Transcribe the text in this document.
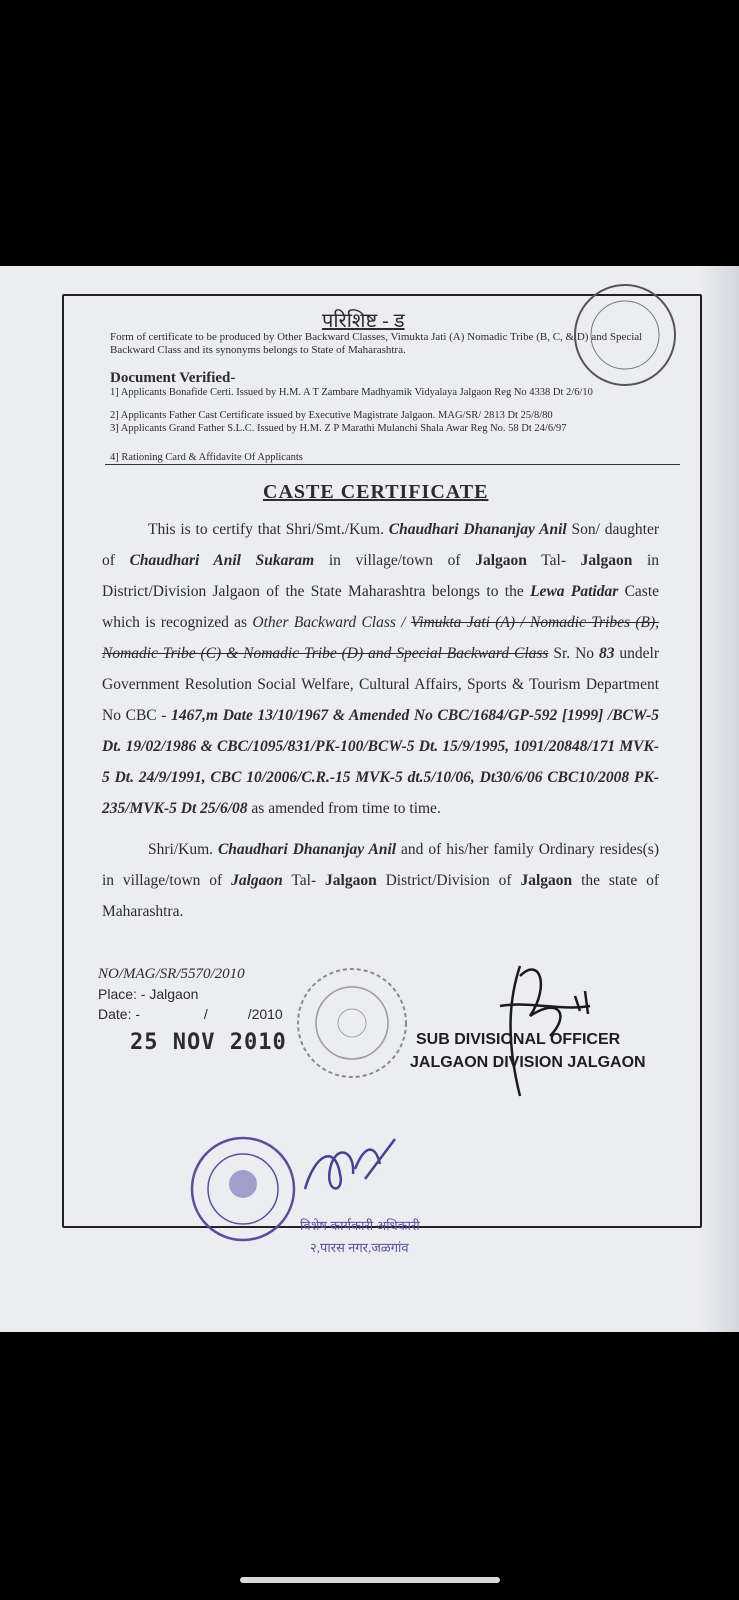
परिशिष्ट - ड
Form of certificate to be produced by Other Backward Classes, Vimukta Jati (A) Nomadic Tribe (B, C, & D) and Special Backward Class and its synonyms belongs to State of Maharashtra.
Document Verified-
1] Applicants Bonafide Certi. Issued by H.M. A T Zambare Madhyamik Vidyalaya Jalgaon Reg No 4338 Dt 2/6/10
2] Applicants Father Cast Certificate issued by Executive Magistrate Jalgaon. MAG/SR/ 2813 Dt 25/8/80
3] Applicants Grand Father S.L.C. Issued by H.M. Z P Marathi Mulanchi Shala Awar Reg No. 58 Dt 24/6/97
4] Rationing Card & Affidavite Of Applicants
CASTE CERTIFICATE

This is to certify that Shri/Smt./Kum. Chaudhari Dhananjay Anil Son/ daughter of Chaudhari Anil Sukaram in village/town of Jalgaon Tal- Jalgaon in District/Division Jalgaon of the State Maharashtra belongs to the Lewa Patidar Caste which is recognized as Other Backward Class / Vimukta Jati (A) / Nomadic Tribes (B), Nomadic Tribe (C) & Nomadic Tribe (D) and Special Backward Class Sr. No 83 undelr Government Resolution Social Welfare, Cultural Affairs, Sports & Tourism Department No CBC - 1467,m Date 13/10/1967 & Amended No CBC/1684/GP-592 [1999] /BCW-5 Dt. 19/02/1986 & CBC/1095/831/PK-100/BCW-5 Dt. 15/9/1995, 1091/20848/171 MVK-5 Dt. 24/9/1991, CBC 10/2006/C.R.-15 MVK-5 dt.5/10/06, Dt30/6/06 CBC10/2008 PK-235/MVK-5 Dt 25/6/08 as amended from time to time.

Shri/Kum. Chaudhari Dhananjay Anil and of his/her family Ordinary resides(s) in village/town of Jalgaon Tal- Jalgaon District/Division of Jalgaon the state of Maharashtra.

NO/MAG/SR/5570/2010
Place: - Jalgaon
Date: -	/	/2010
25 NOV 2010	SUB DIVISIONAL OFFICER
JALGAON DIVISION JALGAON
विशेष कार्यकारी अधिकारी
२,पारस नगर,जळगांव
